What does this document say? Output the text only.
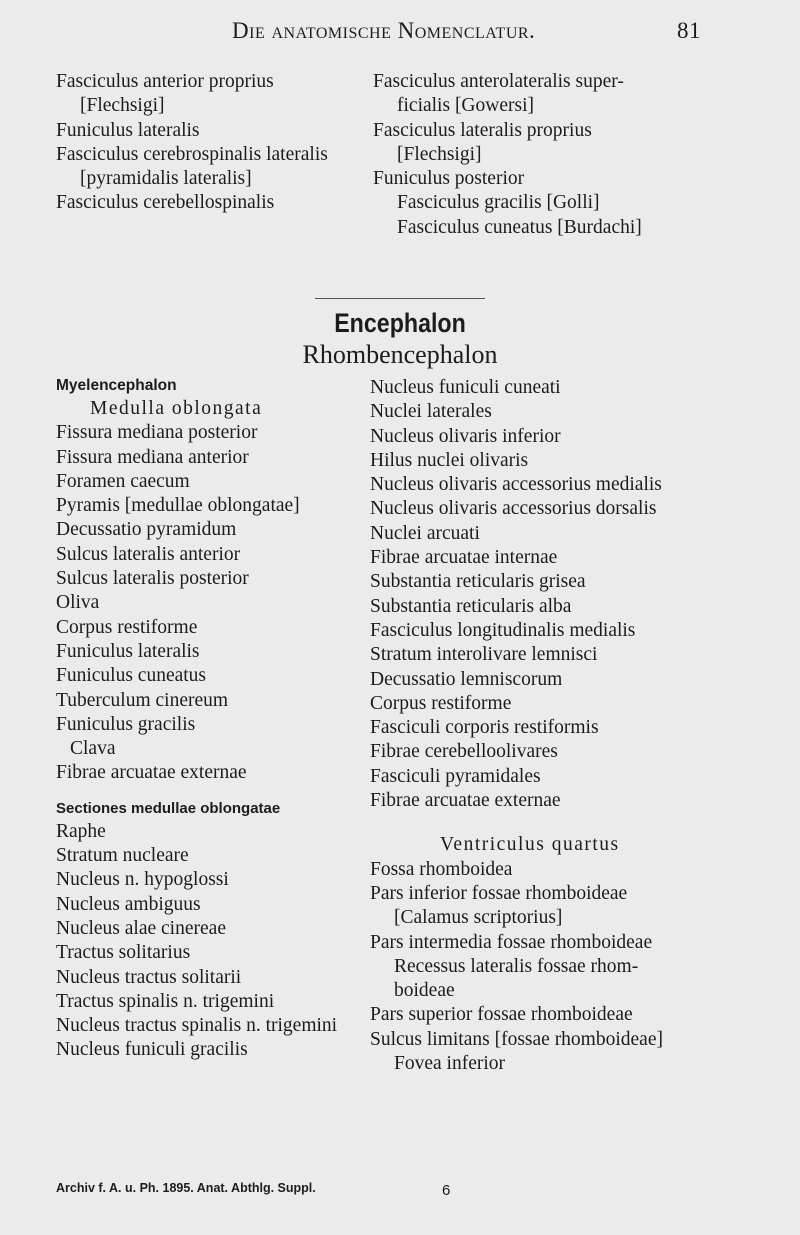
Die anatomische Nomenclatur.	81
Fasciculus anterior proprius
[Flechsigi]
Funiculus lateralis
Fasciculus cerebrospinalis lateralis
[pyramidalis lateralis]
Fasciculus cerebellospinalis
Fasciculus anterolateralis super-
ficialis [Gowersi]
Fasciculus lateralis proprius
[Flechsigi]
Funiculus posterior
Fasciculus gracilis [Golli]
Fasciculus cuneatus [Burdachi]
Encephalon
Rhombencephalon
Myelencephalon
Medulla oblongata
Fissura mediana posterior
Fissura mediana anterior
Foramen caecum
Pyramis [medullae oblongatae]
Decussatio pyramidum
Sulcus lateralis anterior
Sulcus lateralis posterior
Oliva
Corpus restiforme
Funiculus lateralis
Funiculus cuneatus
Tuberculum cinereum
Funiculus gracilis
Clava
Fibrae arcuatae externae
Sectiones medullae oblongatae
Raphe
Stratum nucleare
Nucleus n. hypoglossi
Nucleus ambiguus
Nucleus alae cinereae
Tractus solitarius
Nucleus tractus solitarii
Tractus spinalis n. trigemini
Nucleus tractus spinalis n. trigemini
Nucleus funiculi gracilis
Nucleus funiculi cuneati
Nuclei laterales
Nucleus olivaris inferior
Hilus nuclei olivaris
Nucleus olivaris accessorius medialis
Nucleus olivaris accessorius dorsalis
Nuclei arcuati
Fibrae arcuatae internae
Substantia reticularis grisea
Substantia reticularis alba
Fasciculus longitudinalis medialis
Stratum interolivare lemnisci
Decussatio lemniscorum
Corpus restiforme
Fasciculi corporis restiformis
Fibrae cerebelloolivares
Fasciculi pyramidales
Fibrae arcuatae externae
Ventriculus quartus
Fossa rhomboidea
Pars inferior fossae rhomboideae
[Calamus scriptorius]
Pars intermedia fossae rhomboideae
Recessus lateralis fossae rhom-
boideae
Pars superior fossae rhomboideae
Sulcus limitans [fossae rhomboideae]
Fovea inferior
Archiv f. A. u. Ph. 1895. Anat. Abthlg. Suppl.	6
